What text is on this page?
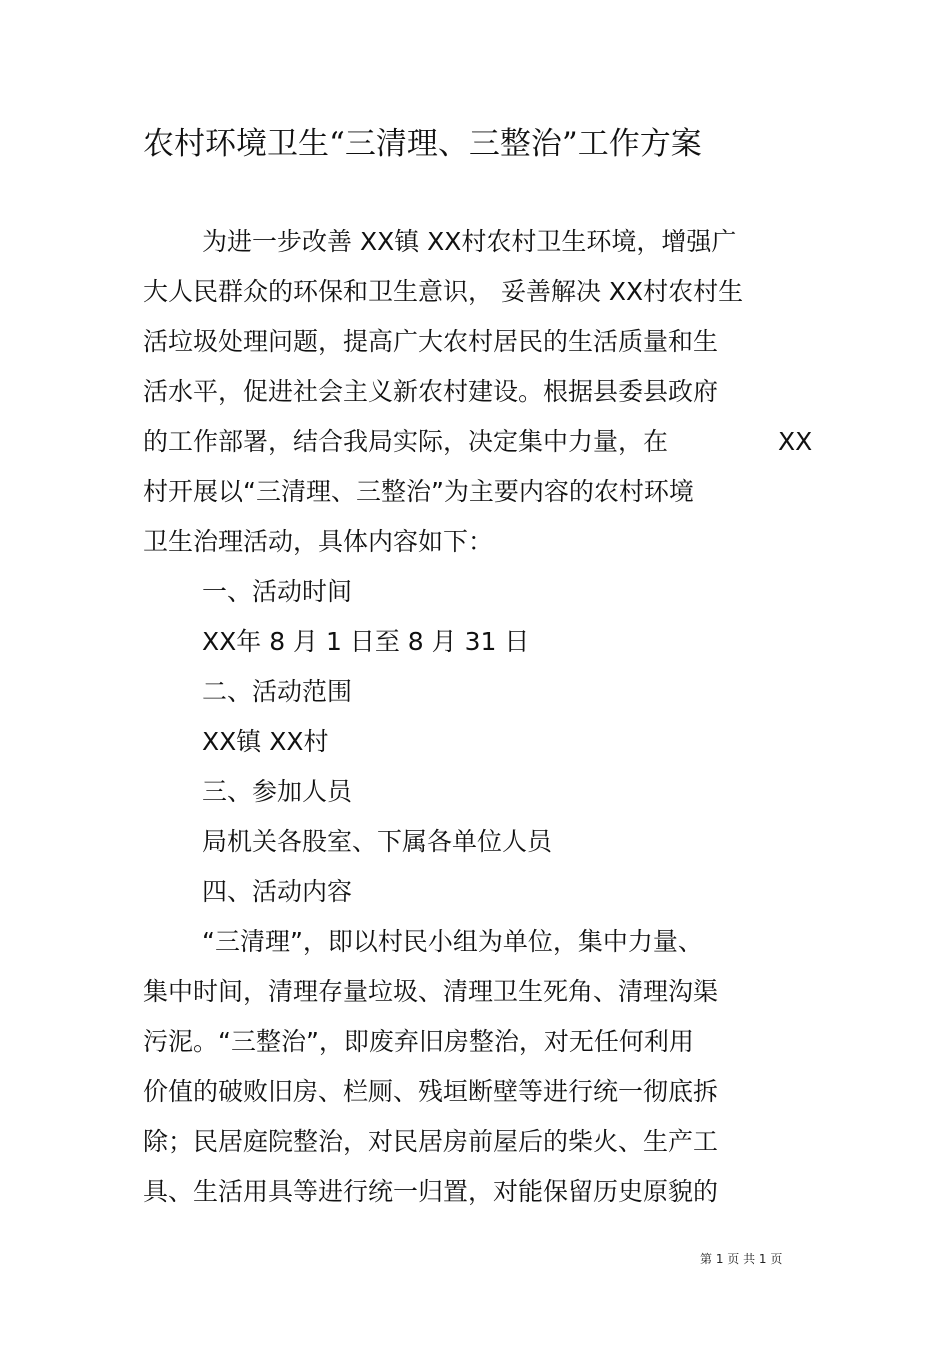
农村环境卫生“三清理、三整治”工作方案

为进一步改善 XX镇 XX村农村卫生环境，增强广

大人民群众的环保和卫生意识， 妥善解决 XX村农村生

活垃圾处理问题，提高广大农村居民的生活质量和生

活水平，促进社会主义新农村建设。根据县委县政府

的工作部署，结合我局实际，决定集中力量，在	XX

村开展以“三清理、三整治”为主要内容的农村环境

卫生治理活动，具体内容如下：

一、活动时间

XX年 8 月 1 日至 8 月 31 日

二、活动范围

XX镇 XX村

三、参加人员

局机关各股室、下属各单位人员

四、活动内容

“三清理”，即以村民小组为单位，集中力量、

集中时间，清理存量垃圾、清理卫生死角、清理沟渠

污泥。“三整治”，即废弃旧房整治，对无任何利用

价值的破败旧房、栏厕、残垣断壁等进行统一彻底拆

除；民居庭院整治，对民居房前屋后的柴火、生产工

具、生活用具等进行统一归置，对能保留历史原貌的

第 1 页 共 1 页
